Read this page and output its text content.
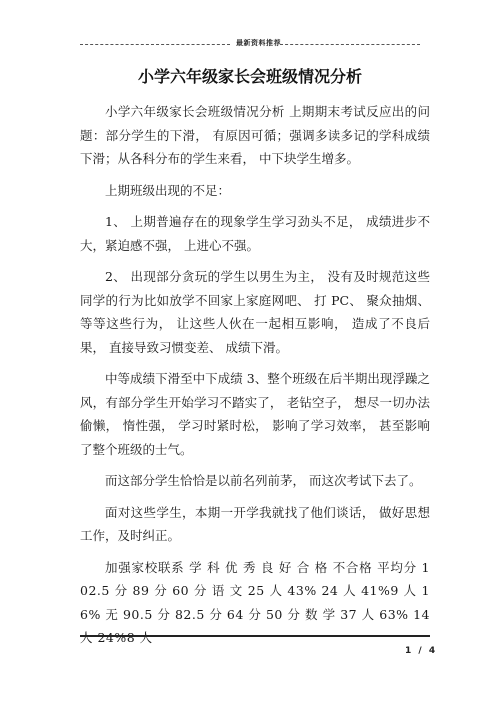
最新资料推荐
小学六年级家长会班级情况分析

小学六年级家长会班级情况分析 上期期末考试反应出的问题：部分学生的下滑， 有原因可循；强调多读多记的学科成绩下滑；从各科分布的学生来看， 中下块学生增多。

上期班级出现的不足：

1、 上期普遍存在的现象学生学习劲头不足， 成绩进步不大，紧迫感不强， 上进心不强。

2、 出现部分贪玩的学生以男生为主， 没有及时规范这些同学的行为比如放学不回家上家庭网吧、 打 PC、 聚众抽烟、 等等这些行为， 让这些人伙在一起相互影响， 造成了不良后果， 直接导致习惯变差、 成绩下滑。

中等成绩下滑至中下成绩 3、整个班级在后半期出现浮躁之风，有部分学生开始学习不踏实了， 老钻空子， 想尽一切办法偷懒， 惰性强， 学习时紧时松， 影响了学习效率， 甚至影响了整个班级的士气。

而这部分学生恰恰是以前名列前茅， 而这次考试下去了。

面对这些学生，本期一开学我就找了他们谈话， 做好思想工作，及时纠正。

加强家校联系 学 科 优 秀 良 好 合 格 不合格 平均分 102.5 分 89 分 60 分 语 文 25 人 43% 24 人 41%9 人 16% 无 90.5 分 82.5 分 64 分 50 分 数 学 37 人 63% 14 人 24%8 人

1 / 4
